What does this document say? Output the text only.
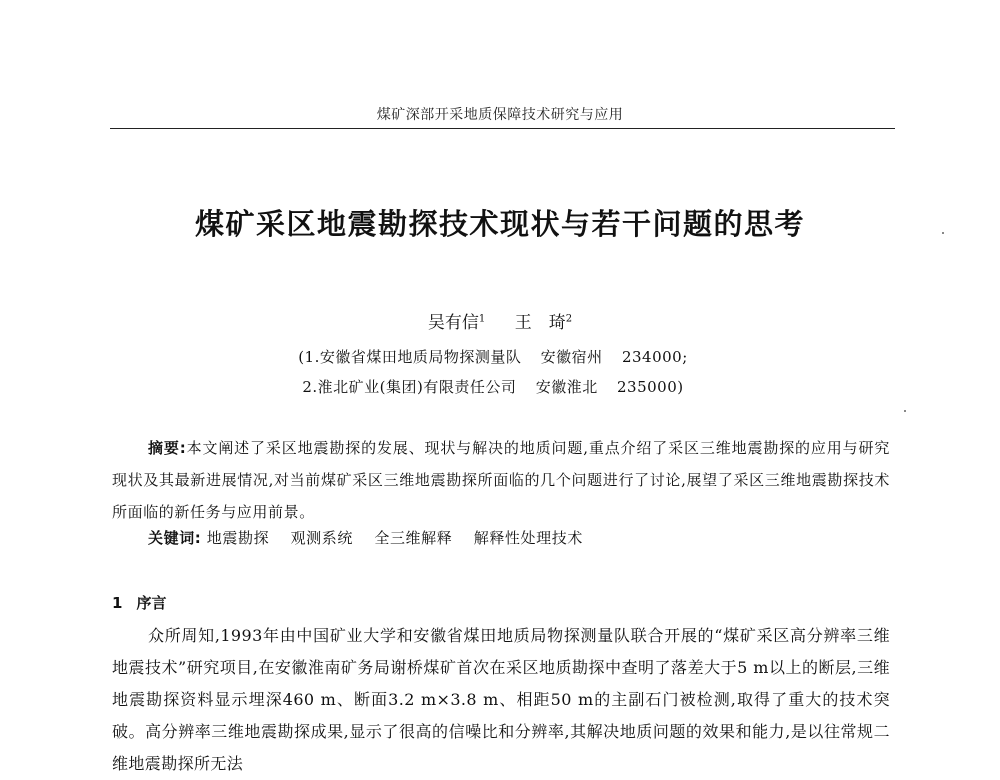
煤矿深部开采地质保障技术研究与应用
煤矿采区地震勘探技术现状与若干问题的思考
吴有信$^1$ 王　琦$^2$
(1.安徽省煤田地质局物探测量队 安徽宿州 234000;
2.淮北矿业(集团)有限责任公司 安徽淮北 235000)

摘要:本文阐述了采区地震勘探的发展、现状与解决的地质问题,重点介绍了采区三维地震勘探的应用与研究现状及其最新进展情况,对当前煤矿采区三维地震勘探所面临的几个问题进行了讨论,展望了采区三维地震勘探技术所面临的新任务与应用前景。

关键词: 地震勘探 观测系统 全三维解释 解释性处理技术
1 序言

众所周知,1993年由中国矿业大学和安徽省煤田地质局物探测量队联合开展的“煤矿采区高分辨率三维地震技术”研究项目,在安徽淮南矿务局谢桥煤矿首次在采区地质勘探中查明了落差大于5 m以上的断层,三维地震勘探资料显示埋深460 m、断面3.2 m×3.8 m、相距50 m的主副石门被检测,取得了重大的技术突破。高分辨率三维地震勘探成果,显示了很高的信噪比和分辨率,其解决地质问题的效果和能力,是以往常规二维地震勘探所无法
